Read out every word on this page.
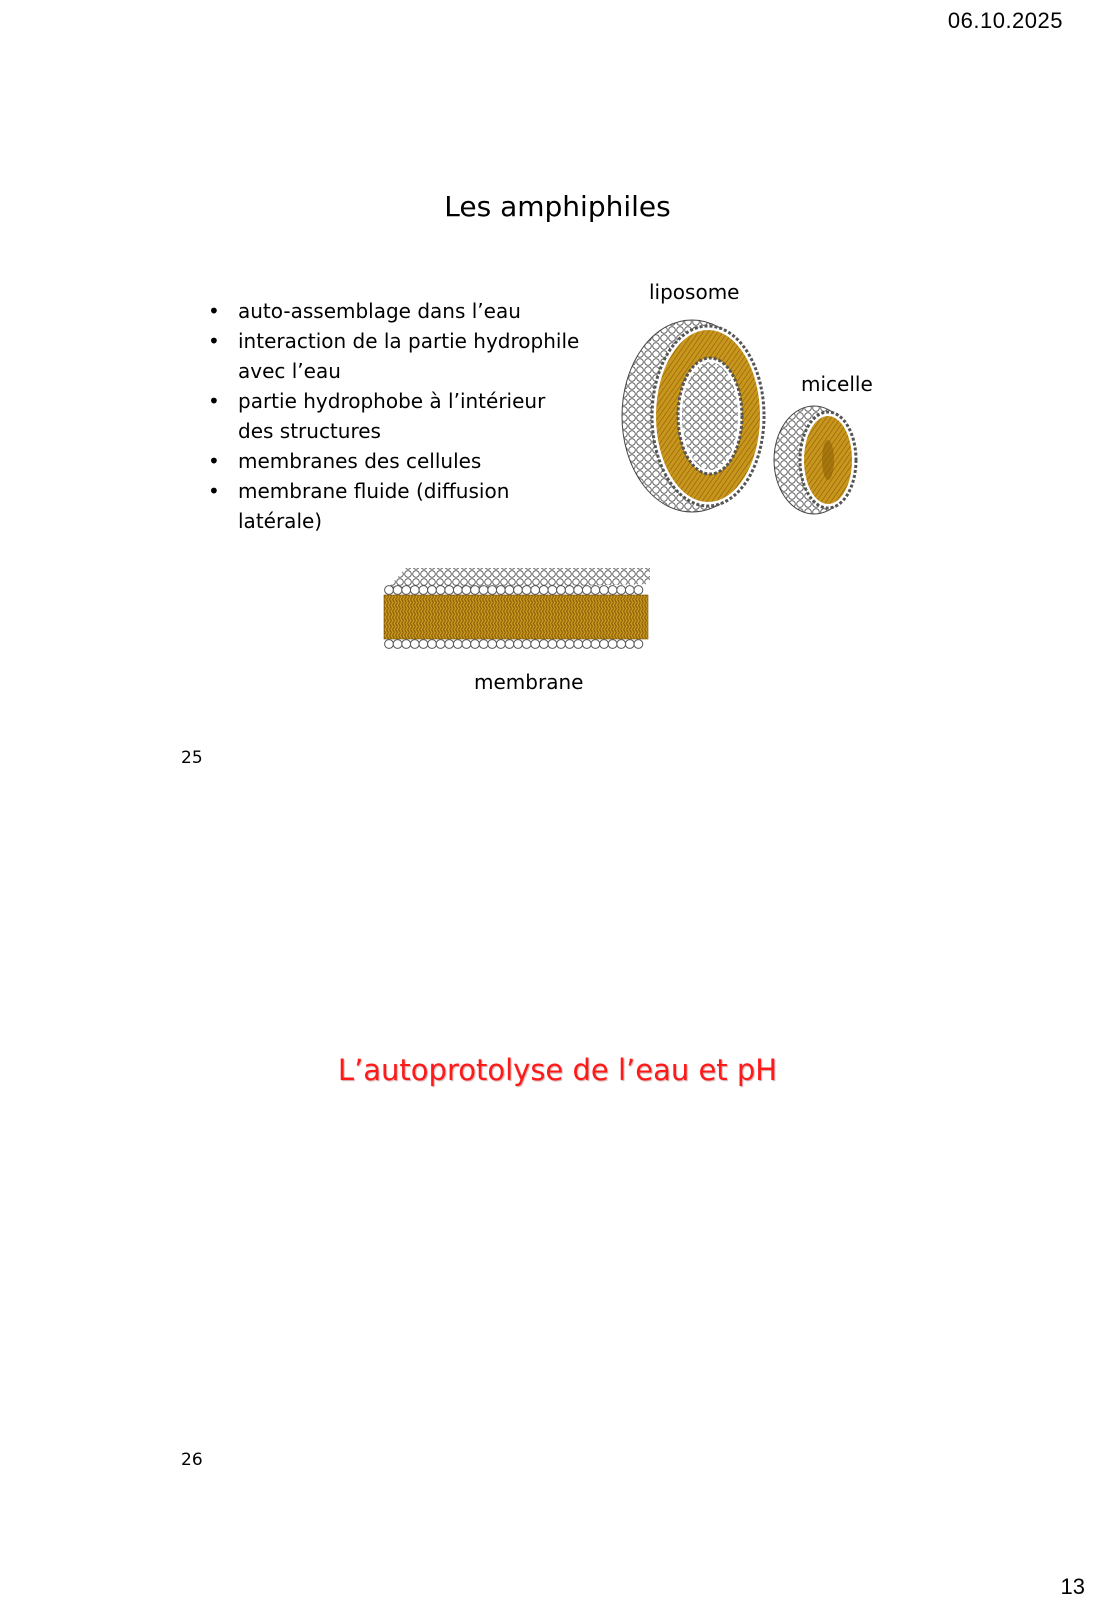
06.10.2025
Les amphiphiles
• auto-assemblage dans l’eau
• interaction de la partie hydrophile avec l’eau
• partie hydrophobe à l’intérieur des structures
• membranes des cellules
• membrane fluide (diffusion latérale)
liposome
micelle
membrane
25
L’autoprotolyse de l’eau et pH
26
13
